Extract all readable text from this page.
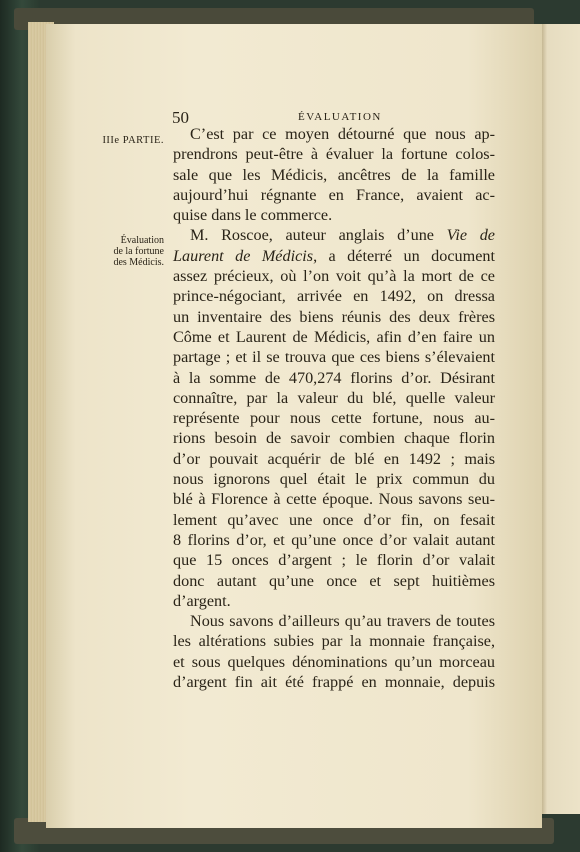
50	ÉVALUATION
IIIe PARTIE.
Évaluation
de la fortune
des Médicis.
C’est par ce moyen détourné que nous ap-
prendrons peut-être à évaluer la fortune colos-
sale que les Médicis, ancêtres de la famille
aujourd’hui régnante en France, avaient ac-
quise dans le commerce.
M. Roscoe, auteur anglais d’une Vie de
Laurent de Médicis, a déterré un document
assez précieux, où l’on voit qu’à la mort de ce
prince-négociant, arrivée en 1492, on dressa
un inventaire des biens réunis des deux frères
Côme et Laurent de Médicis, afin d’en faire un
partage ; et il se trouva que ces biens s’élevaient
à la somme de 470,274 florins d’or. Désirant
connaître, par la valeur du blé, quelle valeur
représente pour nous cette fortune, nous au-
rions besoin de savoir combien chaque florin
d’or pouvait acquérir de blé en 1492 ; mais
nous ignorons quel était le prix commun du
blé à Florence à cette époque. Nous savons seu-
lement qu’avec une once d’or fin, on fesait
8 florins d’or, et qu’une once d’or valait autant
que 15 onces d’argent ; le florin d’or valait
donc autant qu’une once et sept huitièmes
d’argent.
Nous savons d’ailleurs qu’au travers de toutes
les altérations subies par la monnaie française,
et sous quelques dénominations qu’un morceau
d’argent fin ait été frappé en monnaie, depuis
